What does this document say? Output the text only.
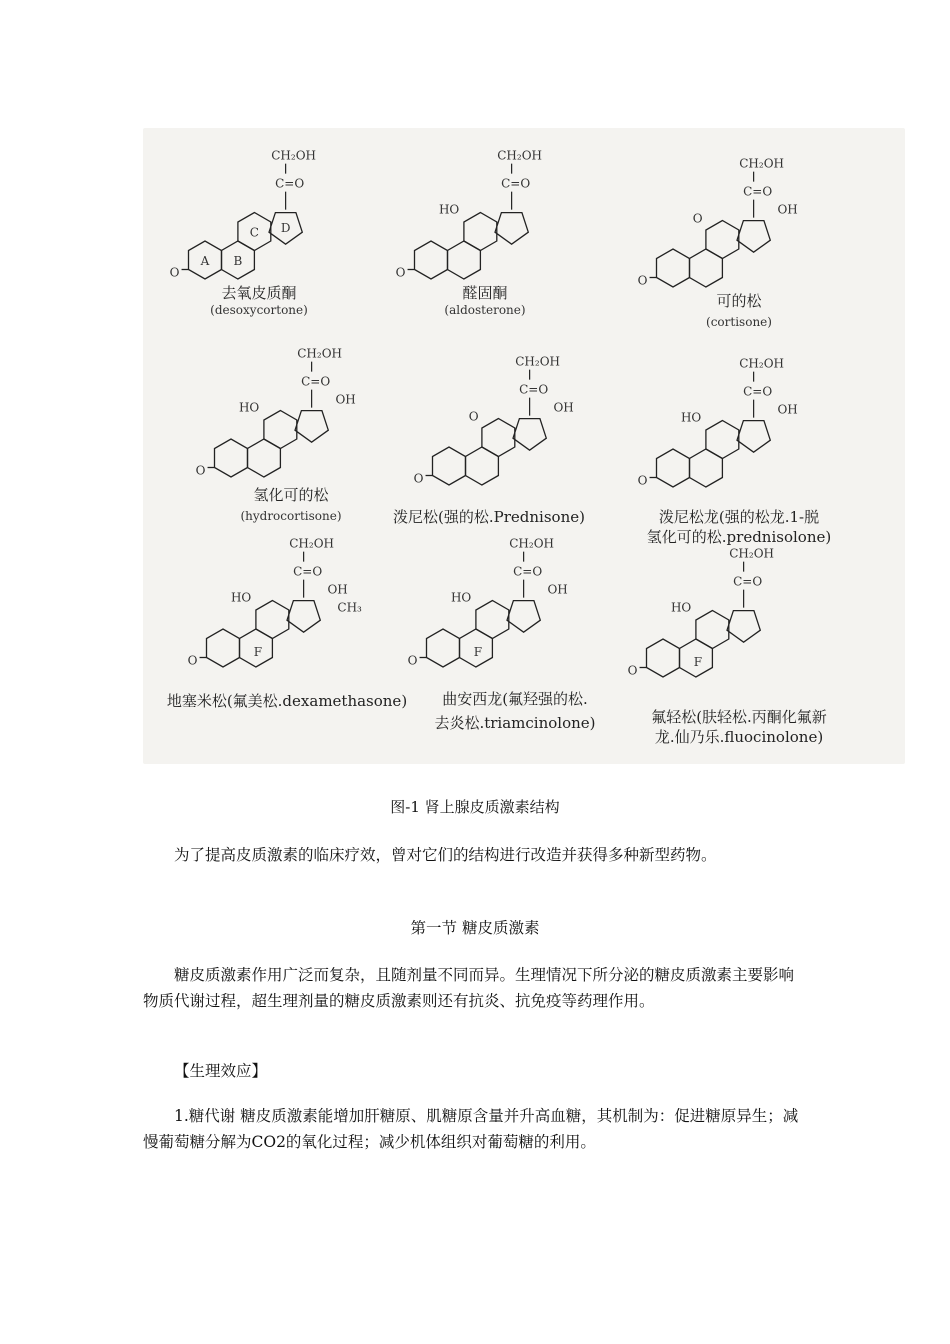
O
C=O
CH₂OH
A B
C D
去氧皮质酮
(desoxycortone)
O
C=O
CH₂OH
HO
醛固酮
(aldosterone)
O
C=O
CH₂OH
OH
O
可的松
(cortisone)
O
C=O
CH₂OH
OH
HO
氢化可的松
(hydrocortisone)
O
C=O
CH₂OH
OH
O
泼尼松(强的松.Prednisone)
O
C=O
CH₂OH
OH
HO
泼尼松龙(强的松龙.1-脱
氢化可的松.prednisolone)
O
C=O
CH₂OH
OH
HO
F
CH₃
地塞米松(氟美松.dexamethasone)
O
C=O
CH₂OH
OH
HO
F
曲安西龙(氟羟强的松.
去炎松.triamcinolone)
O
C=O
CH₂OH
HO
F
氟轻松(肤轻松.丙酮化氟新
龙.仙乃乐.fluocinolone)
图-1 肾上腺皮质激素结构

为了提高皮质激素的临床疗效，曾对它们的结构进行改造并获得多种新型药物。

第一节 糖皮质激素

糖皮质激素作用广泛而复杂，且随剂量不同而异。生理情况下所分泌的糖皮质激素主要影响物质代谢过程，超生理剂量的糖皮质激素则还有抗炎、抗免疫等药理作用。

【生理效应】

1.糖代谢 糖皮质激素能增加肝糖原、肌糖原含量并升高血糖，其机制为：促进糖原异生；减慢葡萄糖分解为CO2的氧化过程；减少机体组织对葡萄糖的利用。
